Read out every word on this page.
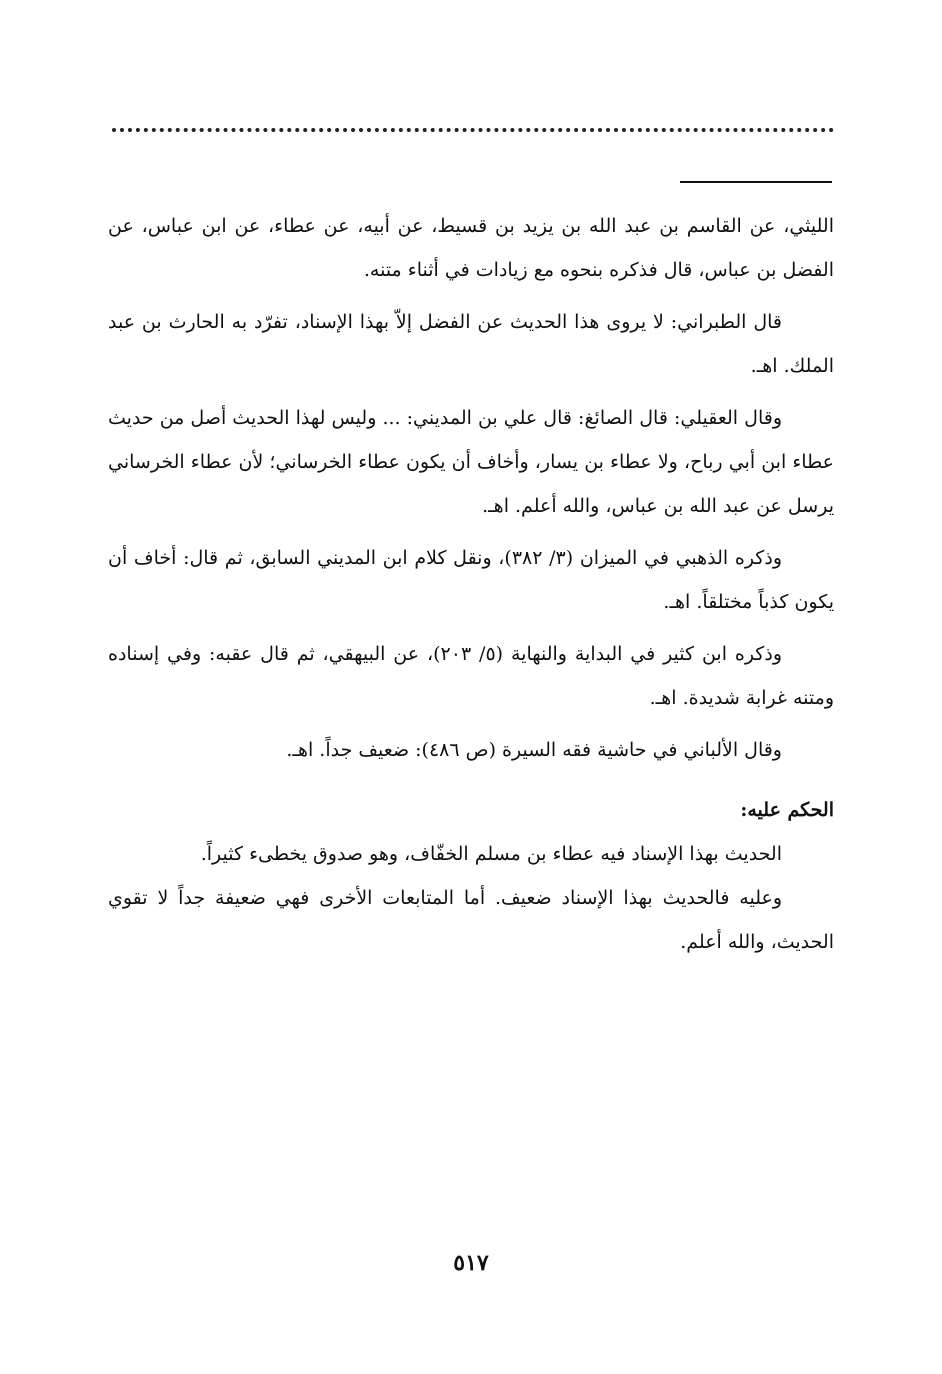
الليثي، عن القاسم بن عبد الله بن يزيد بن قسيط، عن أبيه، عن عطاء، عن ابن عباس، عن الفضل بن عباس، قال فذكره بنحوه مع زيادات في أثناء متنه.

قال الطبراني: لا يروى هذا الحديث عن الفضل إلاّ بهذا الإسناد، تفرّد به الحارث بن عبد الملك. اهـ.

وقال العقيلي: قال الصائغ: قال علي بن المديني: ... وليس لهذا الحديث أصل من حديث عطاء ابن أبي رباح، ولا عطاء بن يسار، وأخاف أن يكون عطاء الخرساني؛ لأن عطاء الخرساني يرسل عن عبد الله بن عباس، والله أعلم. اهـ.

وذكره الذهبي في الميزان (٣/ ٣٨٢)، ونقل كلام ابن المديني السابق، ثم قال: أخاف أن يكون كذباً مختلقاً. اهـ.

وذكره ابن كثير في البداية والنهاية (٥/ ٢٠٣)، عن البيهقي، ثم قال عقبه: وفي إسناده ومتنه غرابة شديدة. اهـ.

وقال الألباني في حاشية فقه السيرة (ص ٤٨٦): ضعيف جداً. اهـ.

الحكم عليه:

الحديث بهذا الإسناد فيه عطاء بن مسلم الخفّاف، وهو صدوق يخطىء كثيراً.

وعليه فالحديث بهذا الإسناد ضعيف. أما المتابعات الأخرى فهي ضعيفة جداً لا تقوي الحديث، والله أعلم.

٥١٧
